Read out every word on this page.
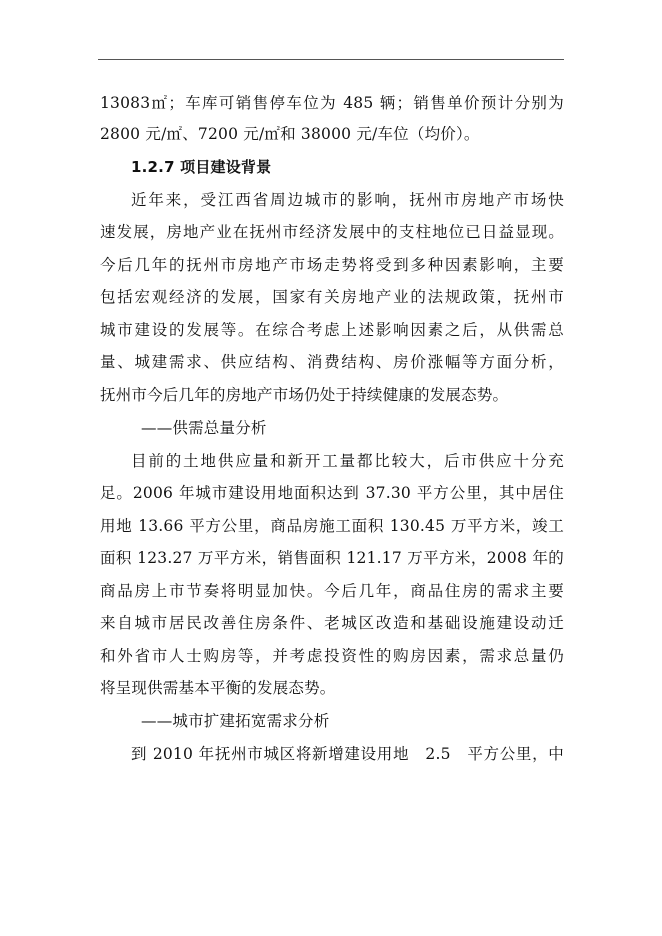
13083㎡；车库可销售停车位为 485 辆；销售单价预计分别为
2800 元/㎡、7200 元/㎡和 38000 元/车位（均价）。
1.2.7 项目建设背景
近年来，受江西省周边城市的影响，抚州市房地产市场快
速发展，房地产业在抚州市经济发展中的支柱地位已日益显现。
今后几年的抚州市房地产市场走势将受到多种因素影响，主要
包括宏观经济的发展，国家有关房地产业的法规政策，抚州市
城市建设的发展等。在综合考虑上述影响因素之后，从供需总
量、城建需求、供应结构、消费结构、房价涨幅等方面分析，
抚州市今后几年的房地产市场仍处于持续健康的发展态势。
——供需总量分析
目前的土地供应量和新开工量都比较大，后市供应十分充
足。2006 年城市建设用地面积达到 37.30 平方公里，其中居住
用地 13.66 平方公里，商品房施工面积 130.45 万平方米，竣工
面积 123.27 万平方米，销售面积 121.17 万平方米，2008 年的
商品房上市节奏将明显加快。今后几年，商品住房的需求主要
来自城市居民改善住房条件、老城区改造和基础设施建设动迁
和外省市人士购房等，并考虑投资性的购房因素，需求总量仍
将呈现供需基本平衡的发展态势。
——城市扩建拓宽需求分析
到 2010 年抚州市城区将新增建设用地　2.5　平方公里，中
